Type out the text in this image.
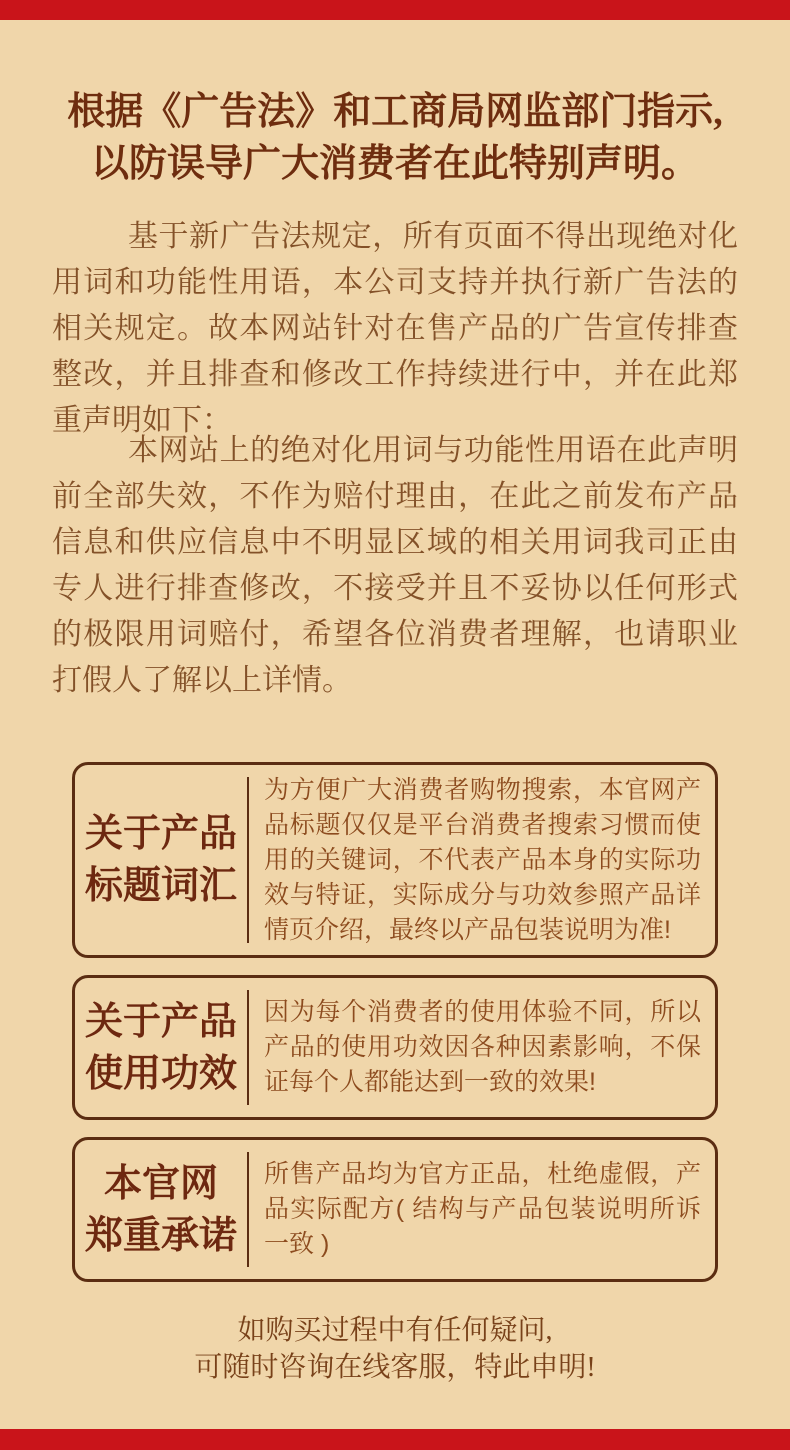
根据《广告法》和工商局网监部门指示,
以防误导广大消费者在此特别声明。
基于新广告法规定，所有页面不得出现绝对化用词和功能性用语，本公司支持并执行新广告法的相关规定。故本网站针对在售产品的广告宣传排查整改，并且排查和修改工作持续进行中，并在此郑重声明如下：
本网站上的绝对化用词与功能性用语在此声明前全部失效，不作为赔付理由，在此之前发布产品信息和供应信息中不明显区域的相关用词我司正由专人进行排查修改，不接受并且不妥协以任何形式的极限用词赔付，希望各位消费者理解，也请职业打假人了解以上详情。
关于产品
标题词汇
为方便广大消费者购物搜索，本官网产品标题仅仅是平台消费者搜索习惯而使用的关键词，不代表产品本身的实际功效与特证，实际成分与功效参照产品详情页介绍，最终以产品包装说明为准!
关于产品
使用功效
因为每个消费者的使用体验不同，所以产品的使用功效因各种因素影响，不保证每个人都能达到一致的效果!
本官网
郑重承诺
所售产品均为官方正品，杜绝虚假，产品实际配方( 结构与产品包装说明所诉一致 )
如购买过程中有任何疑问,
可随时咨询在线客服，特此申明!
